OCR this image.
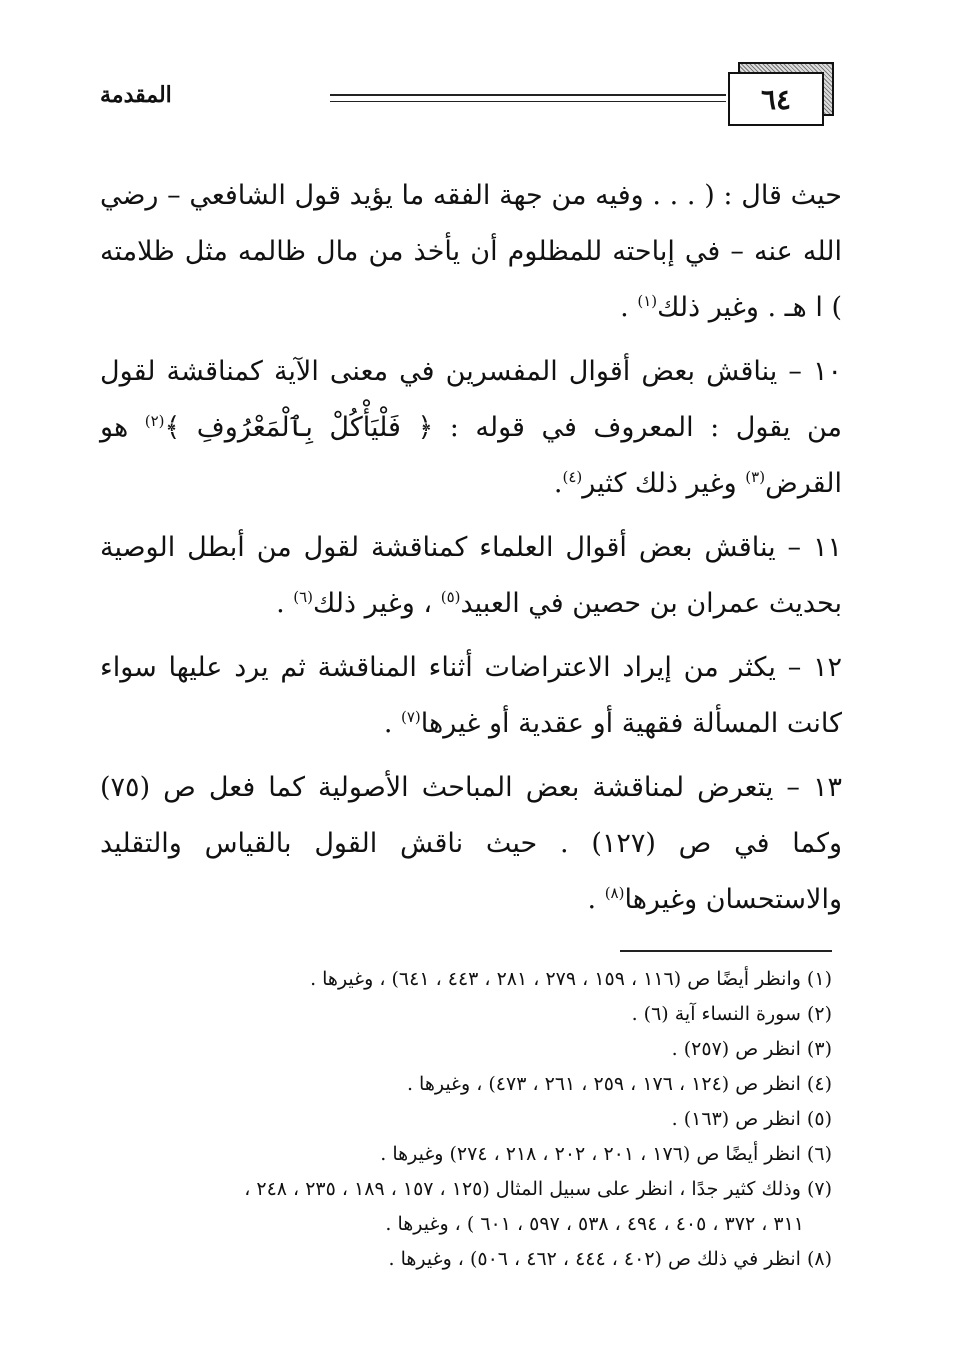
٦٤
المقدمة

حيث قال : ( . . . وفيه من جهة الفقه ما يؤيد قول الشافعي – رضي الله عنه – في إباحته للمظلوم أن يأخذ من مال ظالمه مثل ظلامته ) ا هـ . وغير ذلك$^{(١)}$ .

١٠ – يناقش بعض أقوال المفسرين في معنى الآية كمناقشة لقول من يقول : المعروف في قوله : ﴿ فَلْيَأْكُلْ بِٱلْمَعْرُوفِ ﴾$^{(٢)}$ هو القرض$^{(٣)}$ وغير ذلك كثير$^{(٤)}$.

١١ – يناقش بعض أقوال العلماء كمناقشة لقول من أبطل الوصية بحديث عمران بن حصين في العبيد$^{(٥)}$ ، وغير ذلك$^{(٦)}$ .

١٢ – يكثر من إيراد الاعتراضات أثناء المناقشة ثم يرد عليها سواء كانت المسألة فقهية أو عقدية أو غيرها$^{(٧)}$ .

١٣ – يتعرض لمناقشة بعض المباحث الأصولية كما فعل ص (٧٥) وكما في ص (١٢٧) . حيث ناقش القول بالقياس والتقليد والاستحسان وغيرها$^{(٨)}$ .

(١) وانظر أيضًا ص (١١٦ ، ١٥٩ ، ٢٧٩ ، ٢٨١ ، ٤٤٣ ، ٦٤١) ، وغيرها .

(٢) سورة النساء آية (٦) .

(٣) انظر ص (٢٥٧) .

(٤) انظر ص (١٢٤ ، ١٧٦ ، ٢٥٩ ، ٢٦١ ، ٤٧٣) ، وغيرها .

(٥) انظر ص (١٦٣) .

(٦) انظر أيضًا ص (١٧٦ ، ٢٠١ ، ٢٠٢ ، ٢١٨ ، ٢٧٤) وغيرها .

(٧) وذلك كثير جدًا ، انظر على سبيل المثال (١٢٥ ، ١٥٧ ، ١٨٩ ، ٢٣٥ ، ٢٤٨ ،

٣١١ ، ٣٧٢ ، ٤٠٥ ، ٤٩٤ ، ٥٣٨ ، ٥٩٧ ، ٦٠١ ) ، وغيرها .

(٨) انظر في ذلك ص (٤٠٢ ، ٤٤٤ ، ٤٦٢ ، ٥٠٦) ، وغيرها .
